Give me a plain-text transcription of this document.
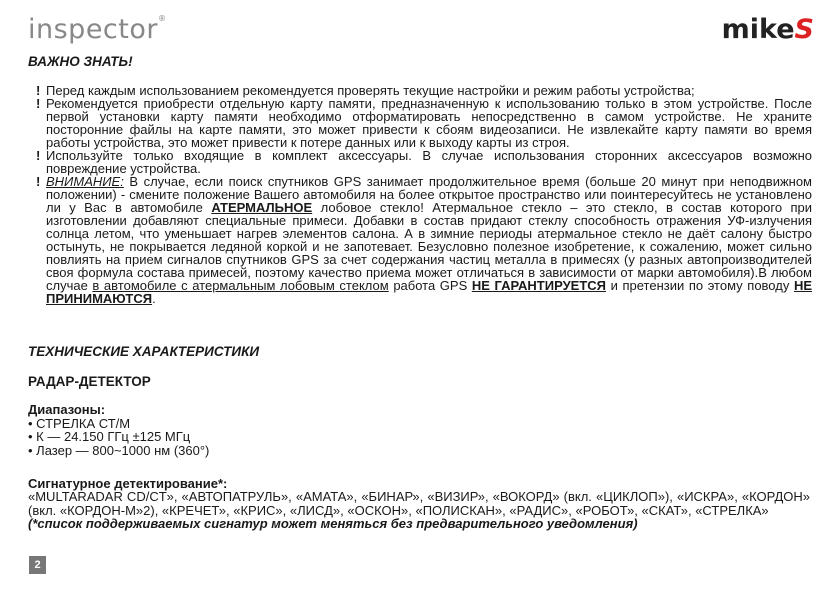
inspector®	mikeS
ВАЖНО ЗНАТЬ!
! Перед каждым использованием рекомендуется проверять текущие настройки и режим работы устройства;
! Рекомендуется приобрести отдельную карту памяти, предназначенную к использованию только в этом устройстве. После первой установки карту памяти необходимо отформатировать непосредственно в самом устройстве. Не храните посторонние файлы на карте памяти, это может привести к сбоям видеозаписи. Не извлекайте карту памяти во время работы устройства, это может привести к потере данных или к выходу карты из строя.
! Используйте только входящие в комплект аксессуары. В случае использования сторонних аксессуаров возможно повреждение устройства.
! ВНИМАНИЕ: В случае, если поиск спутников GPS занимает продолжительное время (больше 20 минут при неподвижном положении) - смените положение Вашего автомобиля на более открытое пространство или поинтересуйтесь не установлено ли у Вас в автомобиле АТЕРМАЛЬНОЕ лобовое стекло! Атермальное стекло – это стекло, в состав которого при изготовлении добавляют специальные примеси. Добавки в состав придают стеклу способность отражения УФ-излучения солнца летом, что уменьшает нагрев элементов салона. А в зимние периоды атермальное стекло не даёт салону быстро остынуть, не покрывается ледяной коркой и не запотевает. Безусловно полезное изобретение, к сожалению, может сильно повлиять на прием сигналов спутников GPS за счет содержания частиц металла в примесях (у разных автопроизводителей своя формула состава примесей, поэтому качество приема может отличаться в зависимости от марки автомобиля).В любом случае в автомобиле с атермальным лобовым стеклом работа GPS НЕ ГАРАНТИРУЕТСЯ и претензии по этому поводу НЕ ПРИНИМАЮТСЯ.
ТЕХНИЧЕСКИЕ ХАРАКТЕРИСТИКИ
РАДАР-ДЕТЕКТОР

Диапазоны:

• СТРЕЛКА СТ/М

• К — 24.150 ГГц ±125 МГц

• Лазер — 800~1000 нм (360°)

Сигнатурное детектирование*:

«MULTARADAR CD/CT», «АВТОПАТРУЛЬ», «АМАТА», «БИНАР», «ВИЗИР», «ВОКОРД» (вкл. «ЦИКЛОП»), «ИСКРА», «КОРДОН» (вкл. «КОРДОН-М»2), «КРЕЧЕТ», «КРИС», «ЛИСД», «ОСКОН», «ПОЛИСКАН», «РАДИС», «РОБОТ», «СКАТ», «СТРЕЛКА»

(*список поддерживаемых сигнатур может меняться без предварительного уведомления)

2
